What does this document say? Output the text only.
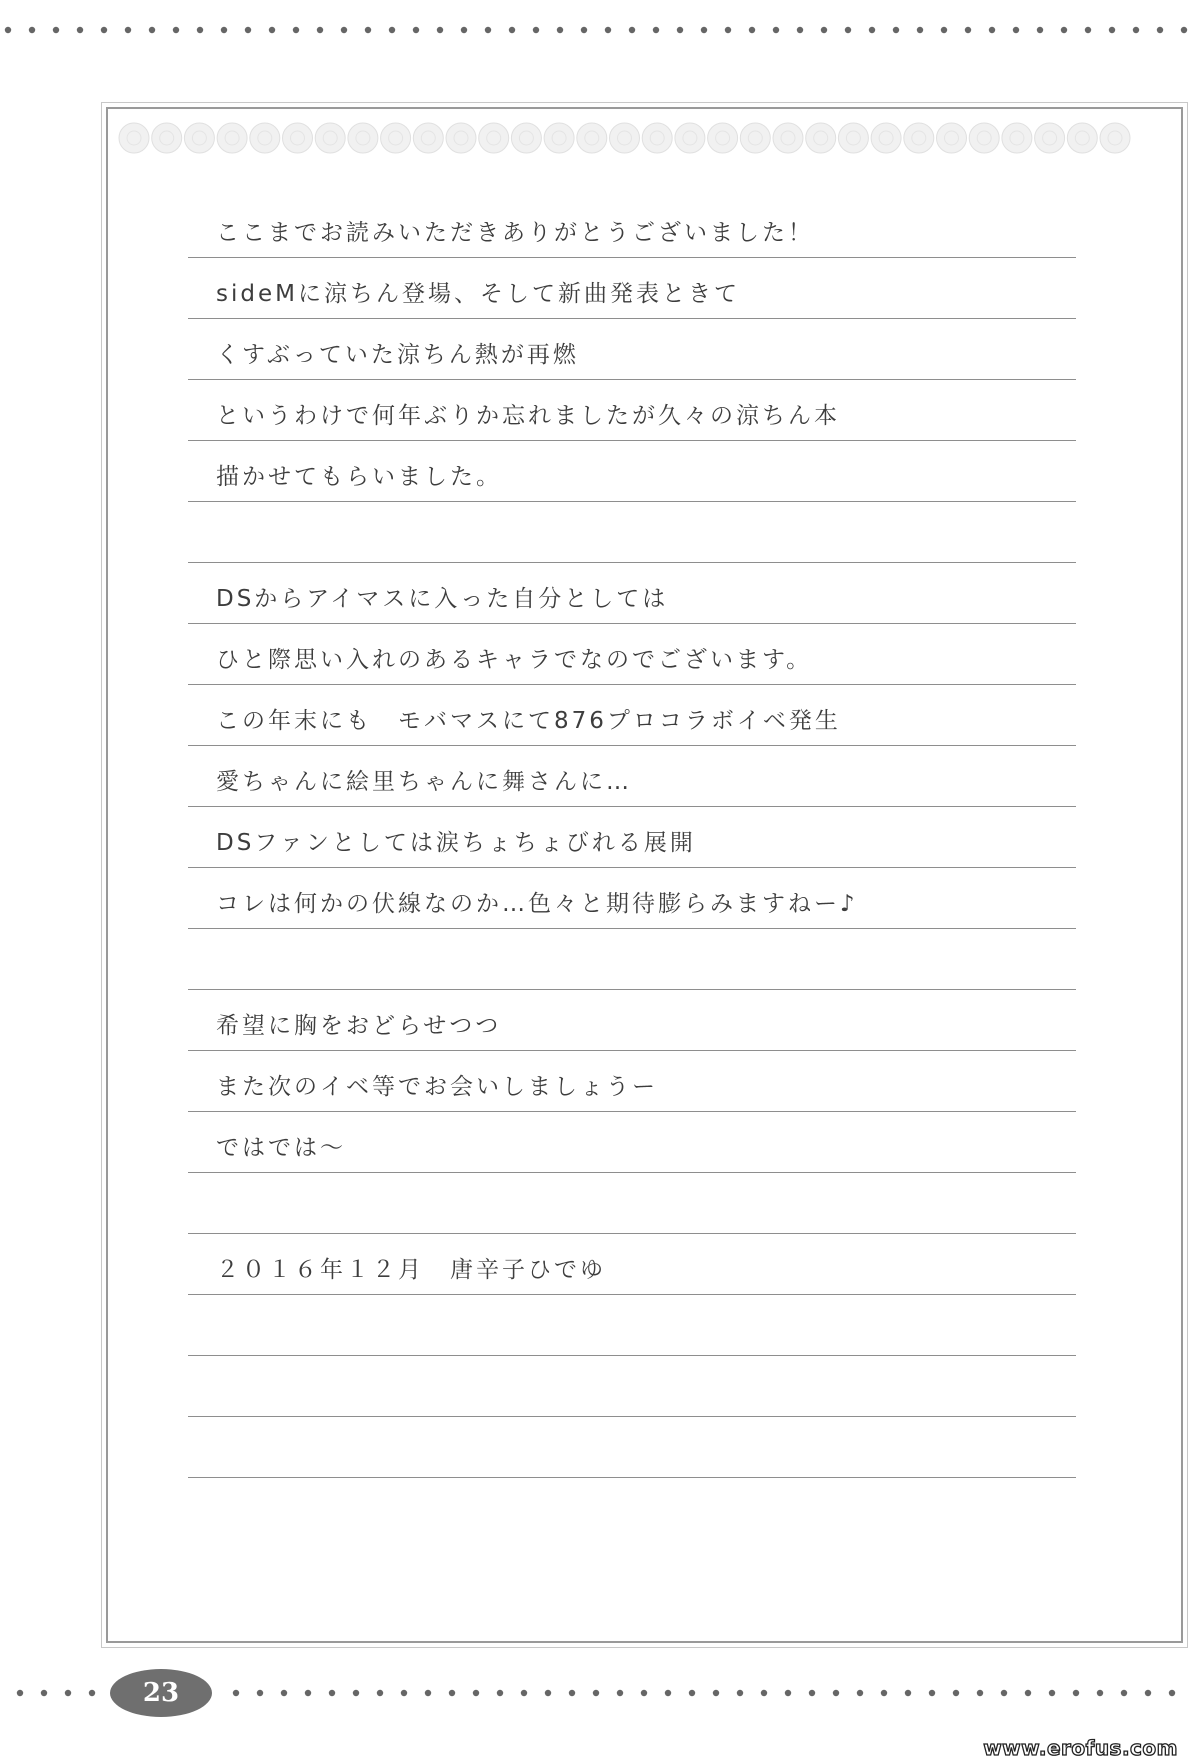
ここまでお読みいただきありがとうございました！
sideMに涼ちん登場、そして新曲発表ときて
くすぶっていた涼ちん熱が再燃
というわけで何年ぶりか忘れましたが久々の涼ちん本
描かせてもらいました。
DSからアイマスに入った自分としては
ひと際思い入れのあるキャラでなのでございます。
この年末にも　モバマスにて876プロコラボイベ発生
愛ちゃんに絵里ちゃんに舞さんに…
DSファンとしては涙ちょちょびれる展開
コレは何かの伏線なのか…色々と期待膨らみますねー♪
希望に胸をおどらせつつ
また次のイベ等でお会いしましょうー
ではでは～
２０１６年１２月　唐辛子ひでゆ
23
www.erofus.com
